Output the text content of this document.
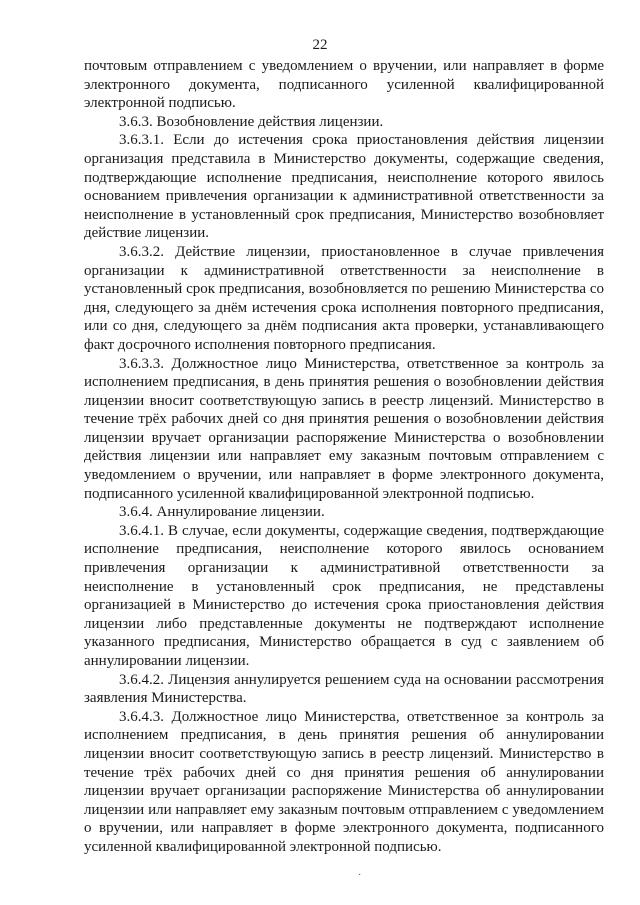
22

почтовым отправлением с уведомлением о вручении, или направляет в форме электронного документа, подписанного усиленной квалифицированной электронной подписью.

3.6.3. Возобновление действия лицензии.

3.6.3.1. Если до истечения срока приостановления действия лицензии организация представила в Министерство документы, содержащие сведения, подтверждающие исполнение предписания, неисполнение которого явилось основанием привлечения организации к административной ответственности за неисполнение в установленный срок предписания, Министерство возобновляет действие лицензии.

3.6.3.2. Действие лицензии, приостановленное в случае привлечения организации к административной ответственности за неисполнение в установленный срок предписания, возобновляется по решению Министерства со дня, следующего за днём истечения срока исполнения повторного предписания, или со дня, следующего за днём подписания акта проверки, устанавливающего факт досрочного исполнения повторного предписания.

3.6.3.3. Должностное лицо Министерства, ответственное за контроль за исполнением предписания, в день принятия решения о возобновлении действия лицензии вносит соответствующую запись в реестр лицензий. Министерство в течение трёх рабочих дней со дня принятия решения о возобновлении действия лицензии вручает организации распоряжение Министерства о возобновлении действия лицензии или направляет ему заказным почтовым отправлением с уведомлением о вручении, или направляет в форме электронного документа, подписанного усиленной квалифицированной электронной подписью.

3.6.4. Аннулирование лицензии.

3.6.4.1. В случае, если документы, содержащие сведения, подтверждающие исполнение предписания, неисполнение которого явилось основанием привлечения организации к административной ответственности за неисполнение в установленный срок предписания, не представлены организацией в Министерство до истечения срока приостановления действия лицензии либо представленные документы не подтверждают исполнение указанного предписания, Министерство обращается в суд с заявлением об аннулировании лицензии.

3.6.4.2. Лицензия аннулируется решением суда на основании рассмотрения заявления Министерства.

3.6.4.3. Должностное лицо Министерства, ответственное за контроль за исполнением предписания, в день принятия решения об аннулировании лицензии вносит соответствующую запись в реестр лицензий. Министерство в течение трёх рабочих дней со дня принятия решения об аннулировании лицензии вручает организации распоряжение Министерства об аннулировании лицензии или направляет ему заказным почтовым отправлением с уведомлением о вручении, или направляет в форме электронного документа, подписанного усиленной квалифицированной электронной подписью.

·
